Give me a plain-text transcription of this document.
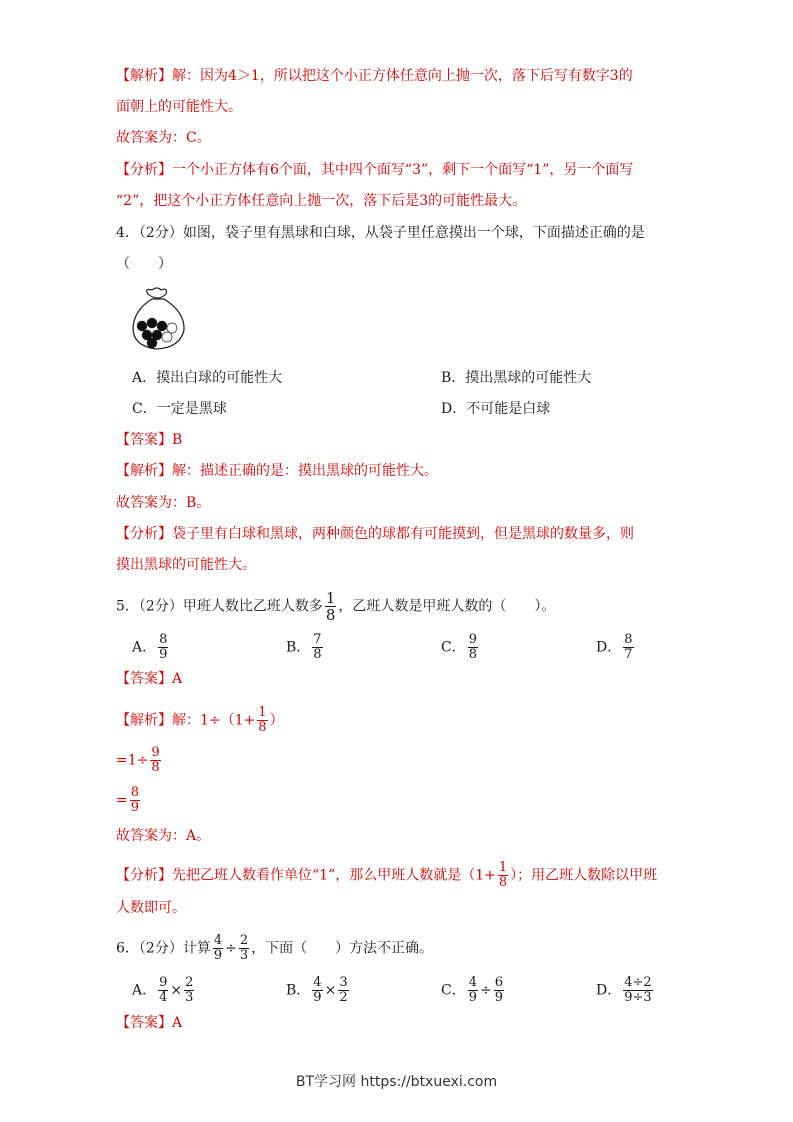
【解析】解：因为4＞1，所以把这个小正方体任意向上抛一次，落下后写有数字3的
面朝上的可能性大。
故答案为：C。
【分析】一个小正方体有6个面，其中四个面写“3”，剩下一个面写“1”，另一个面写
“2”，把这个小正方体任意向上抛一次，落下后是3的可能性最大。
4．（2分）如图，袋子里有黑球和白球，从袋子里任意摸出一个球，下面描述正确的是
（　　）
A．摸出白球的可能性大	B．摸出黑球的可能性大
C．一定是黑球	D．不可能是白球
【答案】B
【解析】解：描述正确的是：摸出黑球的可能性大。
故答案为：B。
【分析】袋子里有白球和黑球，两种颜色的球都有可能摸到，但是黑球的数量多，则
摸出黑球的可能性大。
5．（2分）甲班人数比乙班人数多 $\frac{1}{8}$ ，乙班人数是甲班人数的（　　）。
A． $\frac{8}{9}$	B． $\frac{7}{8}$	C． $\frac{9}{8}$	D． $\frac{8}{7}$
【答案】A
【解析】解：$1\div(1+ \frac{1}{8}$ ）
$=1\div \frac{9}{8}$
= $\frac{8}{9}$
故答案为：A。
【分析】先把乙班人数看作单位“1”，那么甲班人数就是（$1+ \frac{1}{8}$ ）；用乙班人数除以甲班
人数即可。
6．（2分）计算 $\frac{4}{9} \div \frac{2}{3}$ ，下面（　　）方法不正确。
A． $\frac{9}{4} \times \frac{2}{3}$	B． $\frac{4}{9} \times \frac{3}{2}$	C． $\frac{4}{9} \div \frac{6}{9}$	D． $\frac{4\div 2}{9\div 3}$
【答案】A
BT学习网 https://btxuexi.com
